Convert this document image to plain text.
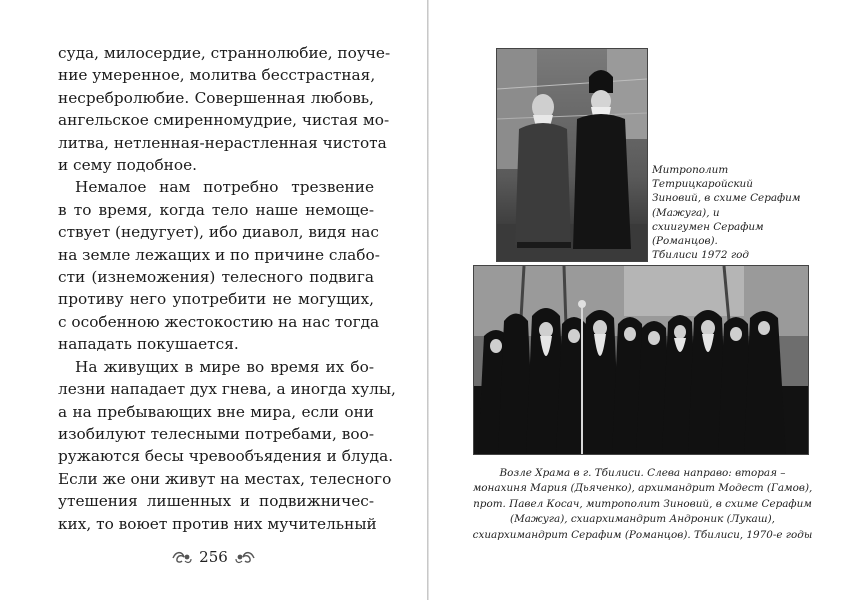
суда, милосердие, страннолюбие, поуче-
ние умеренное, молитва бесстрастная,
несребролюбие. Совершенная любовь,
ангельское смиренномудрие, чистая мо-
литва, нетленная-нерастленная чистота
и сему подобное.
Немалое нам потребно трезвение
в то время, когда тело наше немоще-
ствует (недугует), ибо диавол, видя нас
на земле лежащих и по причине слабо-
сти (изнеможения) телесного подвига
противу него употребити не могущих,
с особенною жестокостию на нас тогда
нападать покушается.
На живущих в мире во время их бо-
лезни нападает дух гнева, а иногда хулы,
а на пребывающих вне мира, если они
изобилуют телесными потребами, воо-
ружаются бесы чревообъядения и блуда.
Если же они живут на местах, телесного
утешения лишенных и подвижничес-
ких, то воюет против них мучительный
256
Митрополит
Тетрицкаройский
Зиновий, в схиме Серафим
(Мажуга), и
схиигумен Серафим
(Романцов).
Тбилиси 1972 год
Возле Храма в г. Тбилиси. Слева направо: вторая –
монахиня Мария (Дьяченко), архимандрит Модест (Гамов),
прот. Павел Косач, митрополит Зиновий, в схиме Серафим
(Мажуга), схиархимандрит Андроник (Лукаш),
схиархимандрит Серафим (Романцов). Тбилиси, 1970-е годы
